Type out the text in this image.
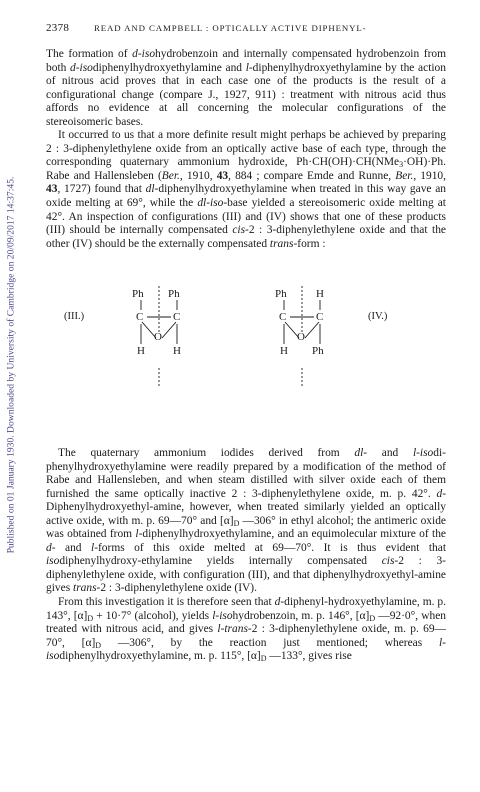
Published on 01 January 1930. Downloaded by University of Cambridge on 20/09/2017 14:37:45.
2378	READ AND CAMPBELL : OPTICALLY ACTIVE DIPHENYL-

The formation of d-isohydrobenzoin and internally compensated hydrobenzoin from both d-isodiphenylhydroxyethylamine and l-diphenylhydroxyethylamine by the action of nitrous acid proves that in each case one of the products is the result of a configurational change (compare J., 1927, 911) : treatment with nitrous acid thus affords no evidence at all concerning the molecular configurations of the stereoisomeric bases.

It occurred to us that a more definite result might perhaps be achieved by preparing 2 : 3-diphenylethylene oxide from an optically active base of each type, through the corresponding quaternary ammonium hydroxide, Ph·CH(OH)·CH(NMe$_3$·OH)·Ph. Rabe and Hallensleben (Ber., 1910, 43, 884 ; compare Emde and Runne, Ber., 1910, 43, 1727) found that dl-diphenylhydroxyethylamine when treated in this way gave an oxide melting at 69°, while the dl-iso-base yielded a stereoisomeric oxide melting at 42°. An inspection of configurations (III) and (IV) shows that one of these products (III) should be internally compensated cis-2 : 3-diphenylethylene oxide and that the other (IV) should be the externally compensated trans-form :

(III.)	(IV.)
Ph Ph
C	C
O
H	H
Ph	H
C	C
O
H Ph

The quaternary ammonium iodides derived from dl- and l-isodi-phenylhydroxyethylamine were readily prepared by a modification of the method of Rabe and Hallensleben, and when steam distilled with silver oxide each of them furnished the same optically inactive 2 : 3-diphenylethylene oxide, m. p. 42°. d-Diphenylhydroxyethyl-amine, however, when treated similarly yielded an optically active oxide, with m. p. 69—70° and $[\alpha]_D$ —306° in ethyl alcohol; the antimeric oxide was obtained from l-diphenylhydroxyethylamine, and an equimolecular mixture of the d- and l-forms of this oxide melted at 69—70°. It is thus evident that isodiphenylhydroxy-ethylamine yields internally compensated cis-2 : 3-diphenylethylene oxide, with configuration (III), and that diphenylhydroxyethyl-amine gives trans-2 : 3-diphenylethylene oxide (IV).

From this investigation it is therefore seen that d-diphenyl-hydroxyethylamine, m. p. 143°, $[\alpha]_D + 10\cdot 7^\circ$ (alcohol), yields l-isohydrobenzoin, m. p. 146°, $[\alpha]_D$ —92·0°, when treated with nitrous acid, and gives l-trans-2 : 3-diphenylethylene oxide, m. p. 69—70°, $[\alpha]_D$ —306°, by the reaction just mentioned; whereas l-isodiphenylhydroxyethylamine, m. p. 115°, $[\alpha]_D$ —133°, gives rise
